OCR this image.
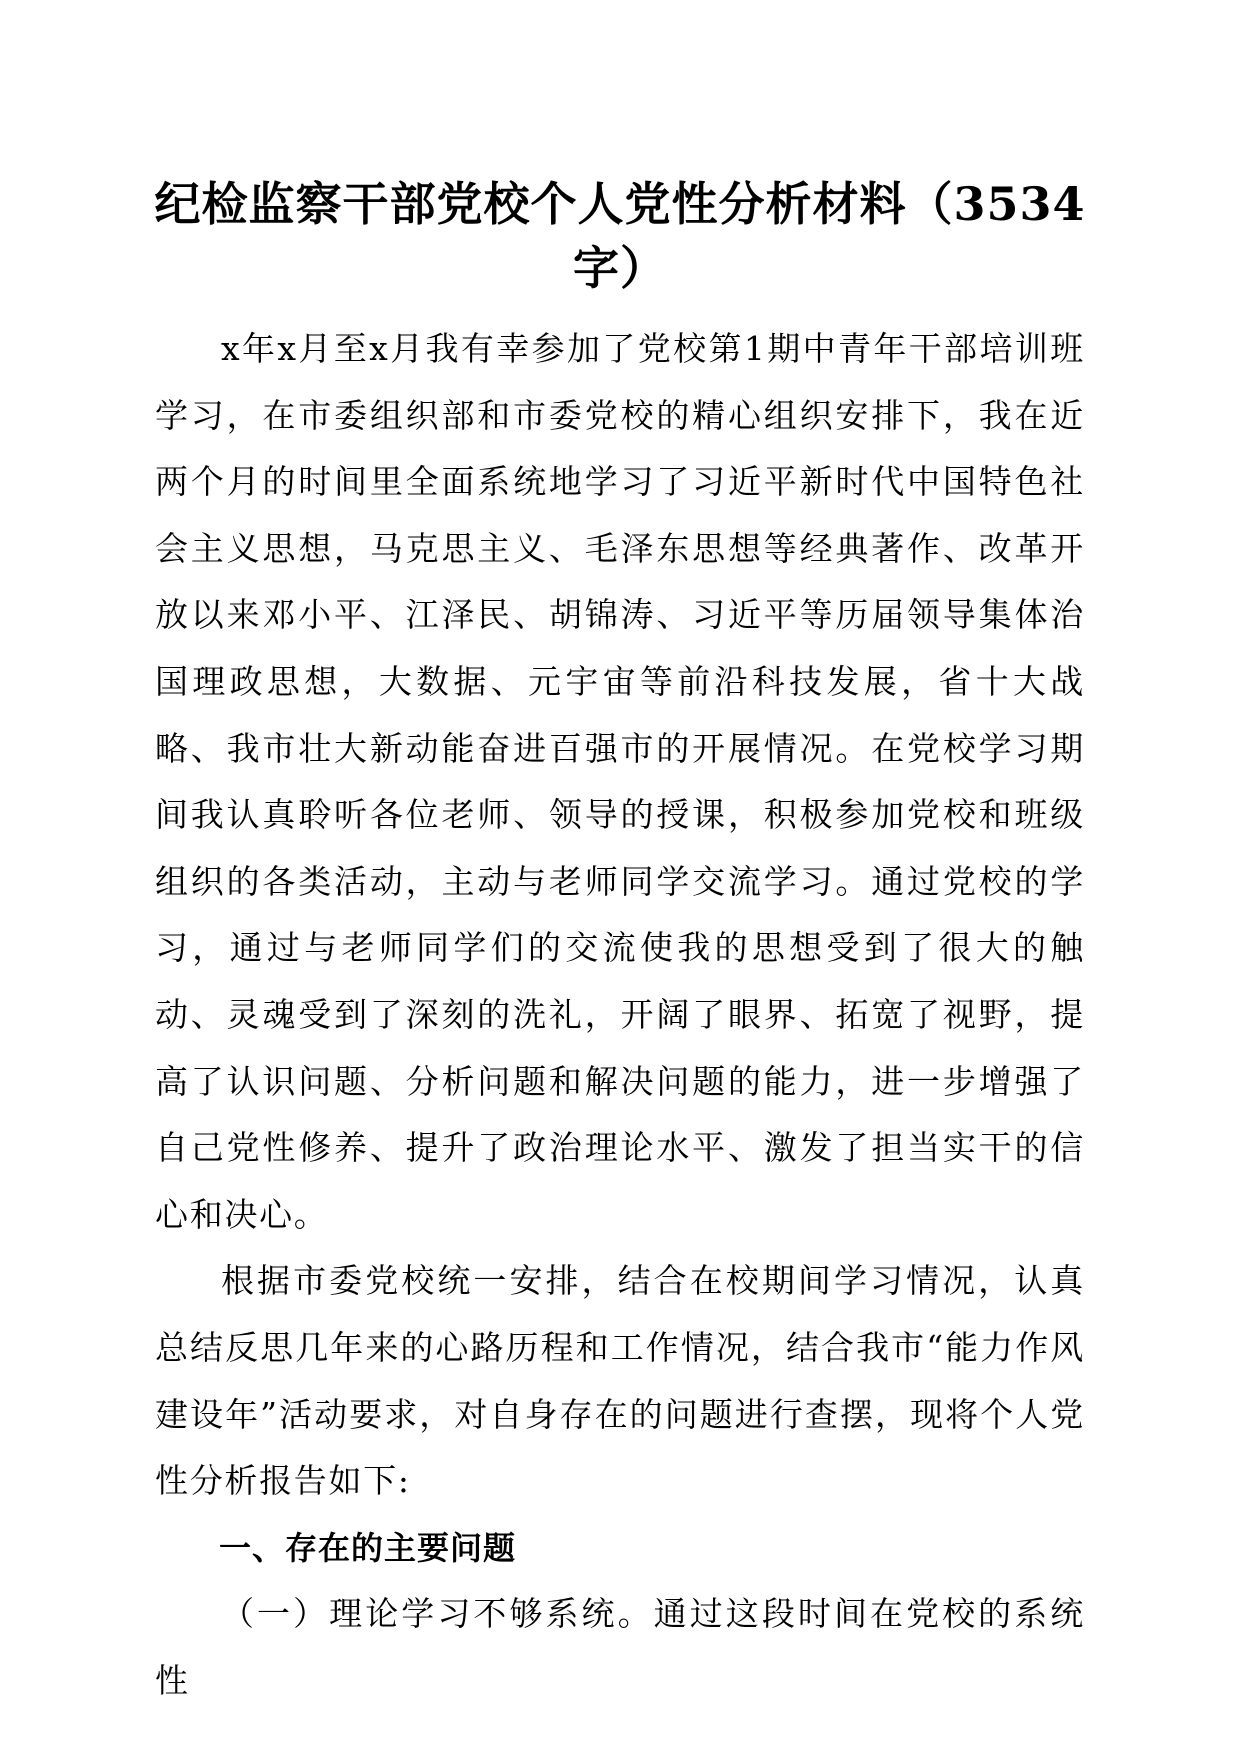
纪检监察干部党校个人党性分析材料（3534字）

x年x月至x月我有幸参加了党校第1期中青年干部培训班学习，在市委组织部和市委党校的精心组织安排下，我在近两个月的时间里全面系统地学习了习近平新时代中国特色社会主义思想，马克思主义、毛泽东思想等经典著作、改革开放以来邓小平、江泽民、胡锦涛、习近平等历届领导集体治国理政思想，大数据、元宇宙等前沿科技发展，省十大战略、我市壮大新动能奋进百强市的开展情况。在党校学习期间我认真聆听各位老师、领导的授课，积极参加党校和班级组织的各类活动，主动与老师同学交流学习。通过党校的学习，通过与老师同学们的交流使我的思想受到了很大的触动、灵魂受到了深刻的洗礼，开阔了眼界、拓宽了视野，提高了认识问题、分析问题和解决问题的能力，进一步增强了自己党性修养、提升了政治理论水平、激发了担当实干的信心和决心。

根据市委党校统一安排，结合在校期间学习情况，认真总结反思几年来的心路历程和工作情况，结合我市“能力作风建设年”活动要求，对自身存在的问题进行查摆，现将个人党性分析报告如下:

一、存在的主要问题

（一）理论学习不够系统。通过这段时间在党校的系统性
